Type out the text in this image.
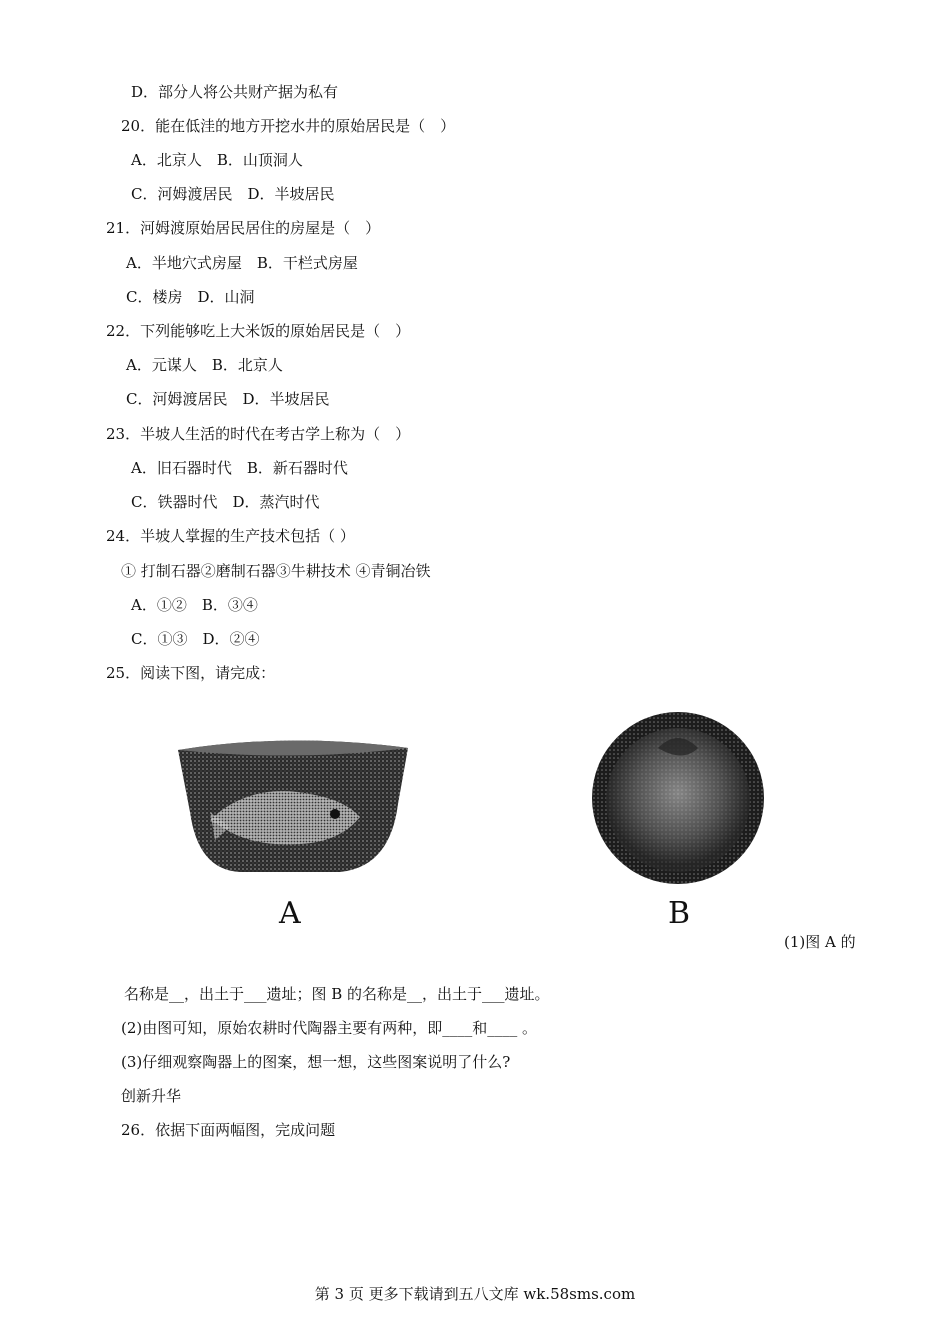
D．部分人将公共财产据为私有
20．能在低洼的地方开挖水井的原始居民是（　）
A．北京人　B．山顶洞人
C．河姆渡居民　D．半坡居民
21．河姆渡原始居民居住的房屋是（　）
A．半地穴式房屋　B．干栏式房屋
C．楼房　D．山洞
22．下列能够吃上大米饭的原始居民是（　）
A．元谋人　B．北京人
C．河姆渡居民　D．半坡居民
23．半坡人生活的时代在考古学上称为（　）
A．旧石器时代　B．新石器时代
C．铁器时代　D．蒸汽时代
24．半坡人掌握的生产技术包括（ ）
① 打制石器②磨制石器③牛耕技术 ④青铜冶铁
A．①②　B．③④
C．①③　D．②④
25．阅读下图，请完成：
A	B
(1)图 A 的
名称是__，出土于___遗址；图 B 的名称是__，出土于___遗址。
(2)由图可知，原始农耕时代陶器主要有两种，即____和____ 。
(3)仔细观察陶器上的图案，想一想，这些图案说明了什么?
创新升华
26．依据下面两幅图，完成问题
第 3 页 更多下载请到五八文库 wk.58sms.com
